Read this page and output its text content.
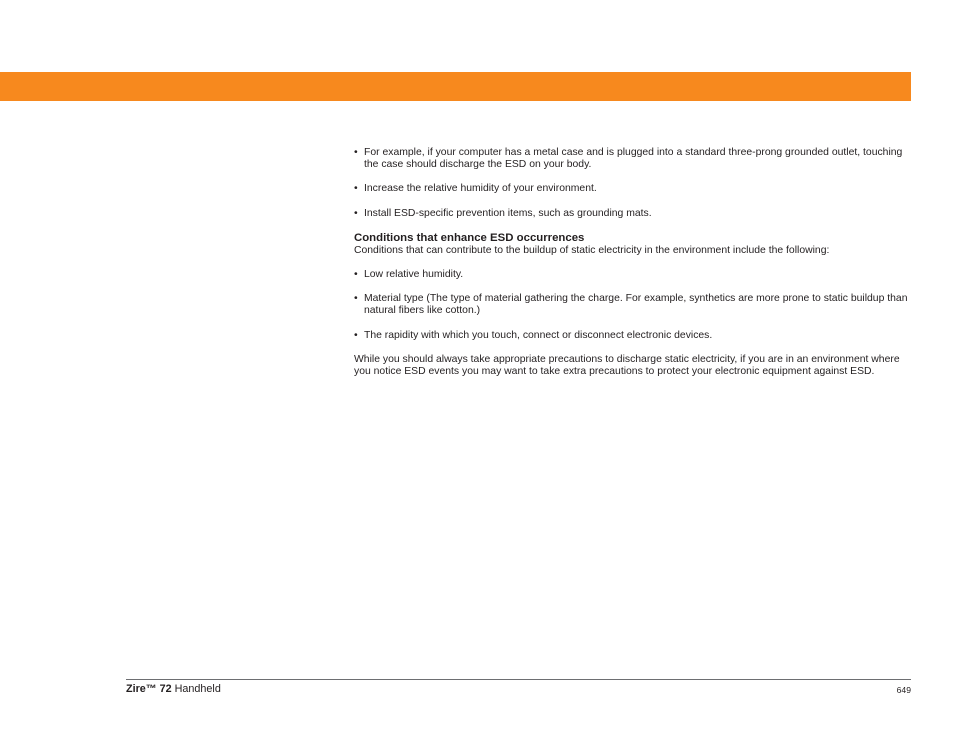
• For example, if your computer has a metal case and is plugged into a standard three-prong grounded outlet, touching the case should discharge the ESD on your body.
• Increase the relative humidity of your environment.
• Install ESD-specific prevention items, such as grounding mats.

Conditions that enhance ESD occurrences

Conditions that can contribute to the buildup of static electricity in the environment include the following:

• Low relative humidity.
• Material type (The type of material gathering the charge. For example, synthetics are more prone to static buildup than natural fibers like cotton.)
• The rapidity with which you touch, connect or disconnect electronic devices.

While you should always take appropriate precautions to discharge static electricity, if you are in an environment where you notice ESD events you may want to take extra precautions to protect your electronic equipment against ESD.

Zire™ 72 Handheld	649
